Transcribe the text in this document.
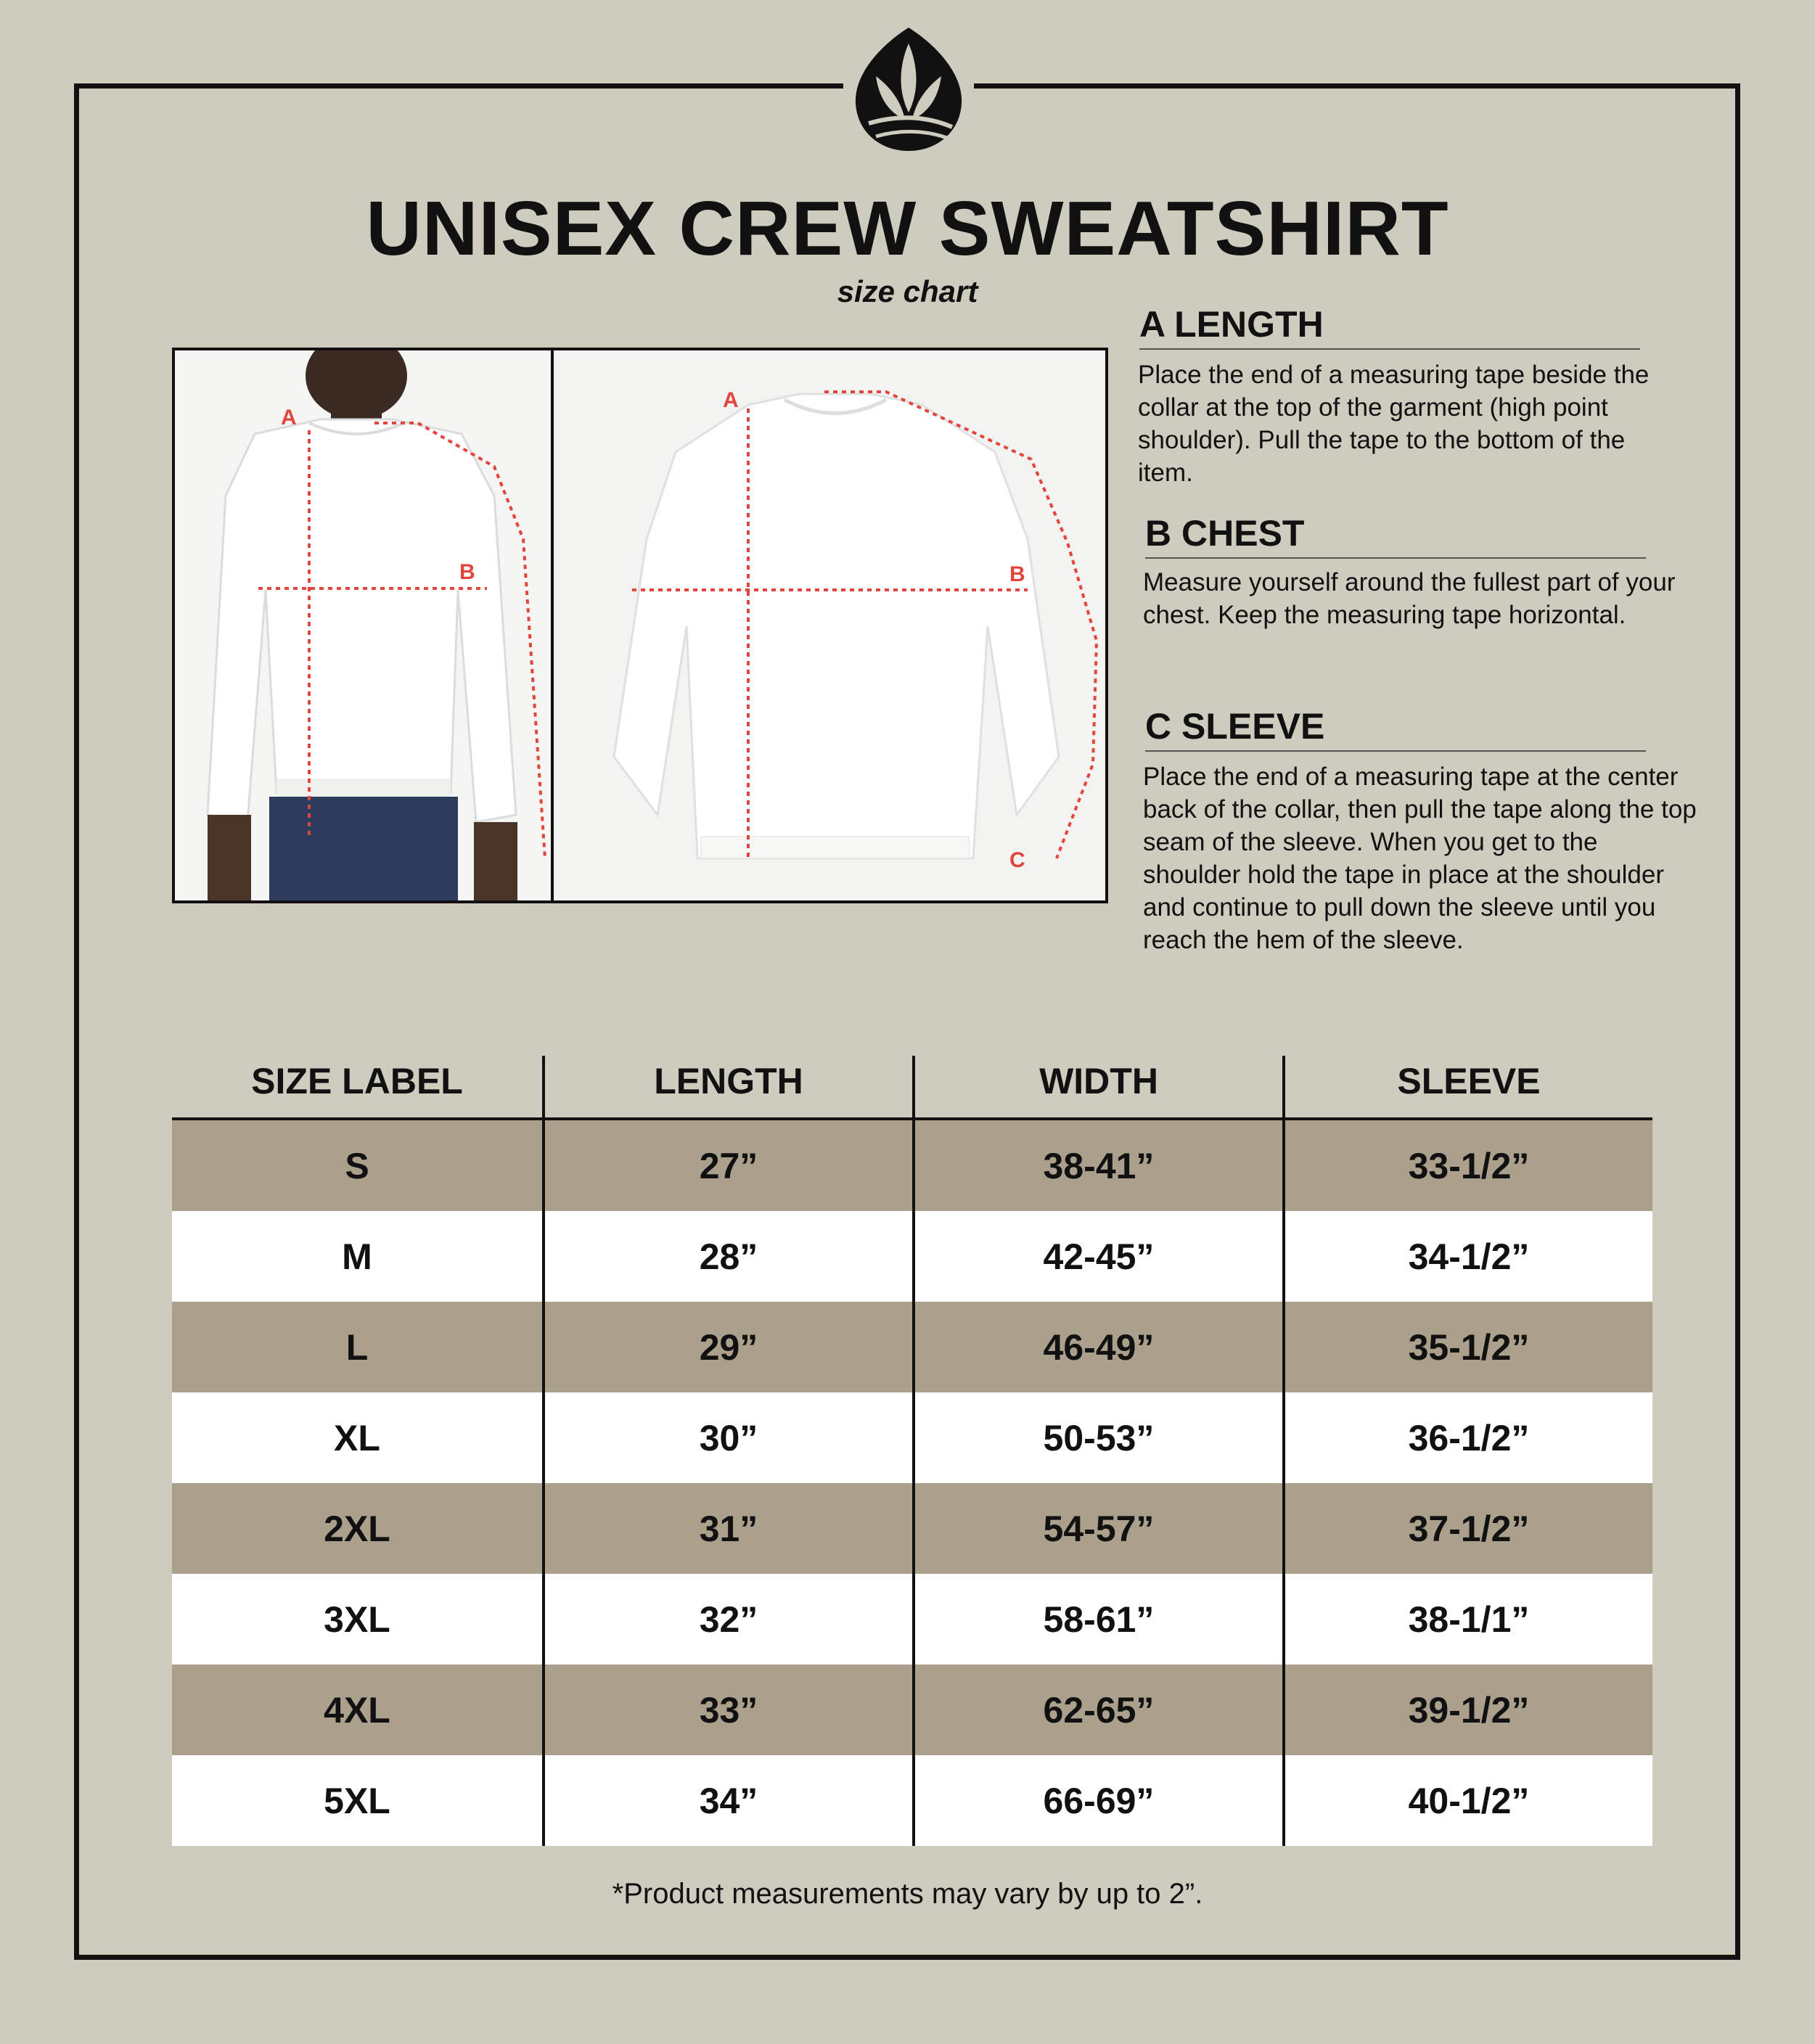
UNISEX CREW SWEATSHIRT
size chart
A
B
A
B
C
A LENGTH
Place the end of a measuring tape beside the collar at the top of the garment (high point shoulder). Pull the tape to the bottom of the item.
B CHEST
Measure yourself around the fullest part of your chest. Keep the measuring tape horizontal.
C SLEEVE
Place the end of a measuring tape at the center back of the collar, then pull the tape along the top seam of the sleeve. When you get to the shoulder hold the tape in place at the shoulder and continue to pull down the sleeve until you reach the hem of the sleeve.
SIZE LABEL	LENGTH	WIDTH	SLEEVE
S	27”	38-41”	33-1/2”
M	28”	42-45”	34-1/2”
L	29”	46-49”	35-1/2”
XL	30”	50-53”	36-1/2”
2XL	31”	54-57”	37-1/2”
3XL	32”	58-61”	38-1/1”
4XL	33”	62-65”	39-1/2”
5XL	34”	66-69”	40-1/2”
*Product measurements may vary by up to 2”.
